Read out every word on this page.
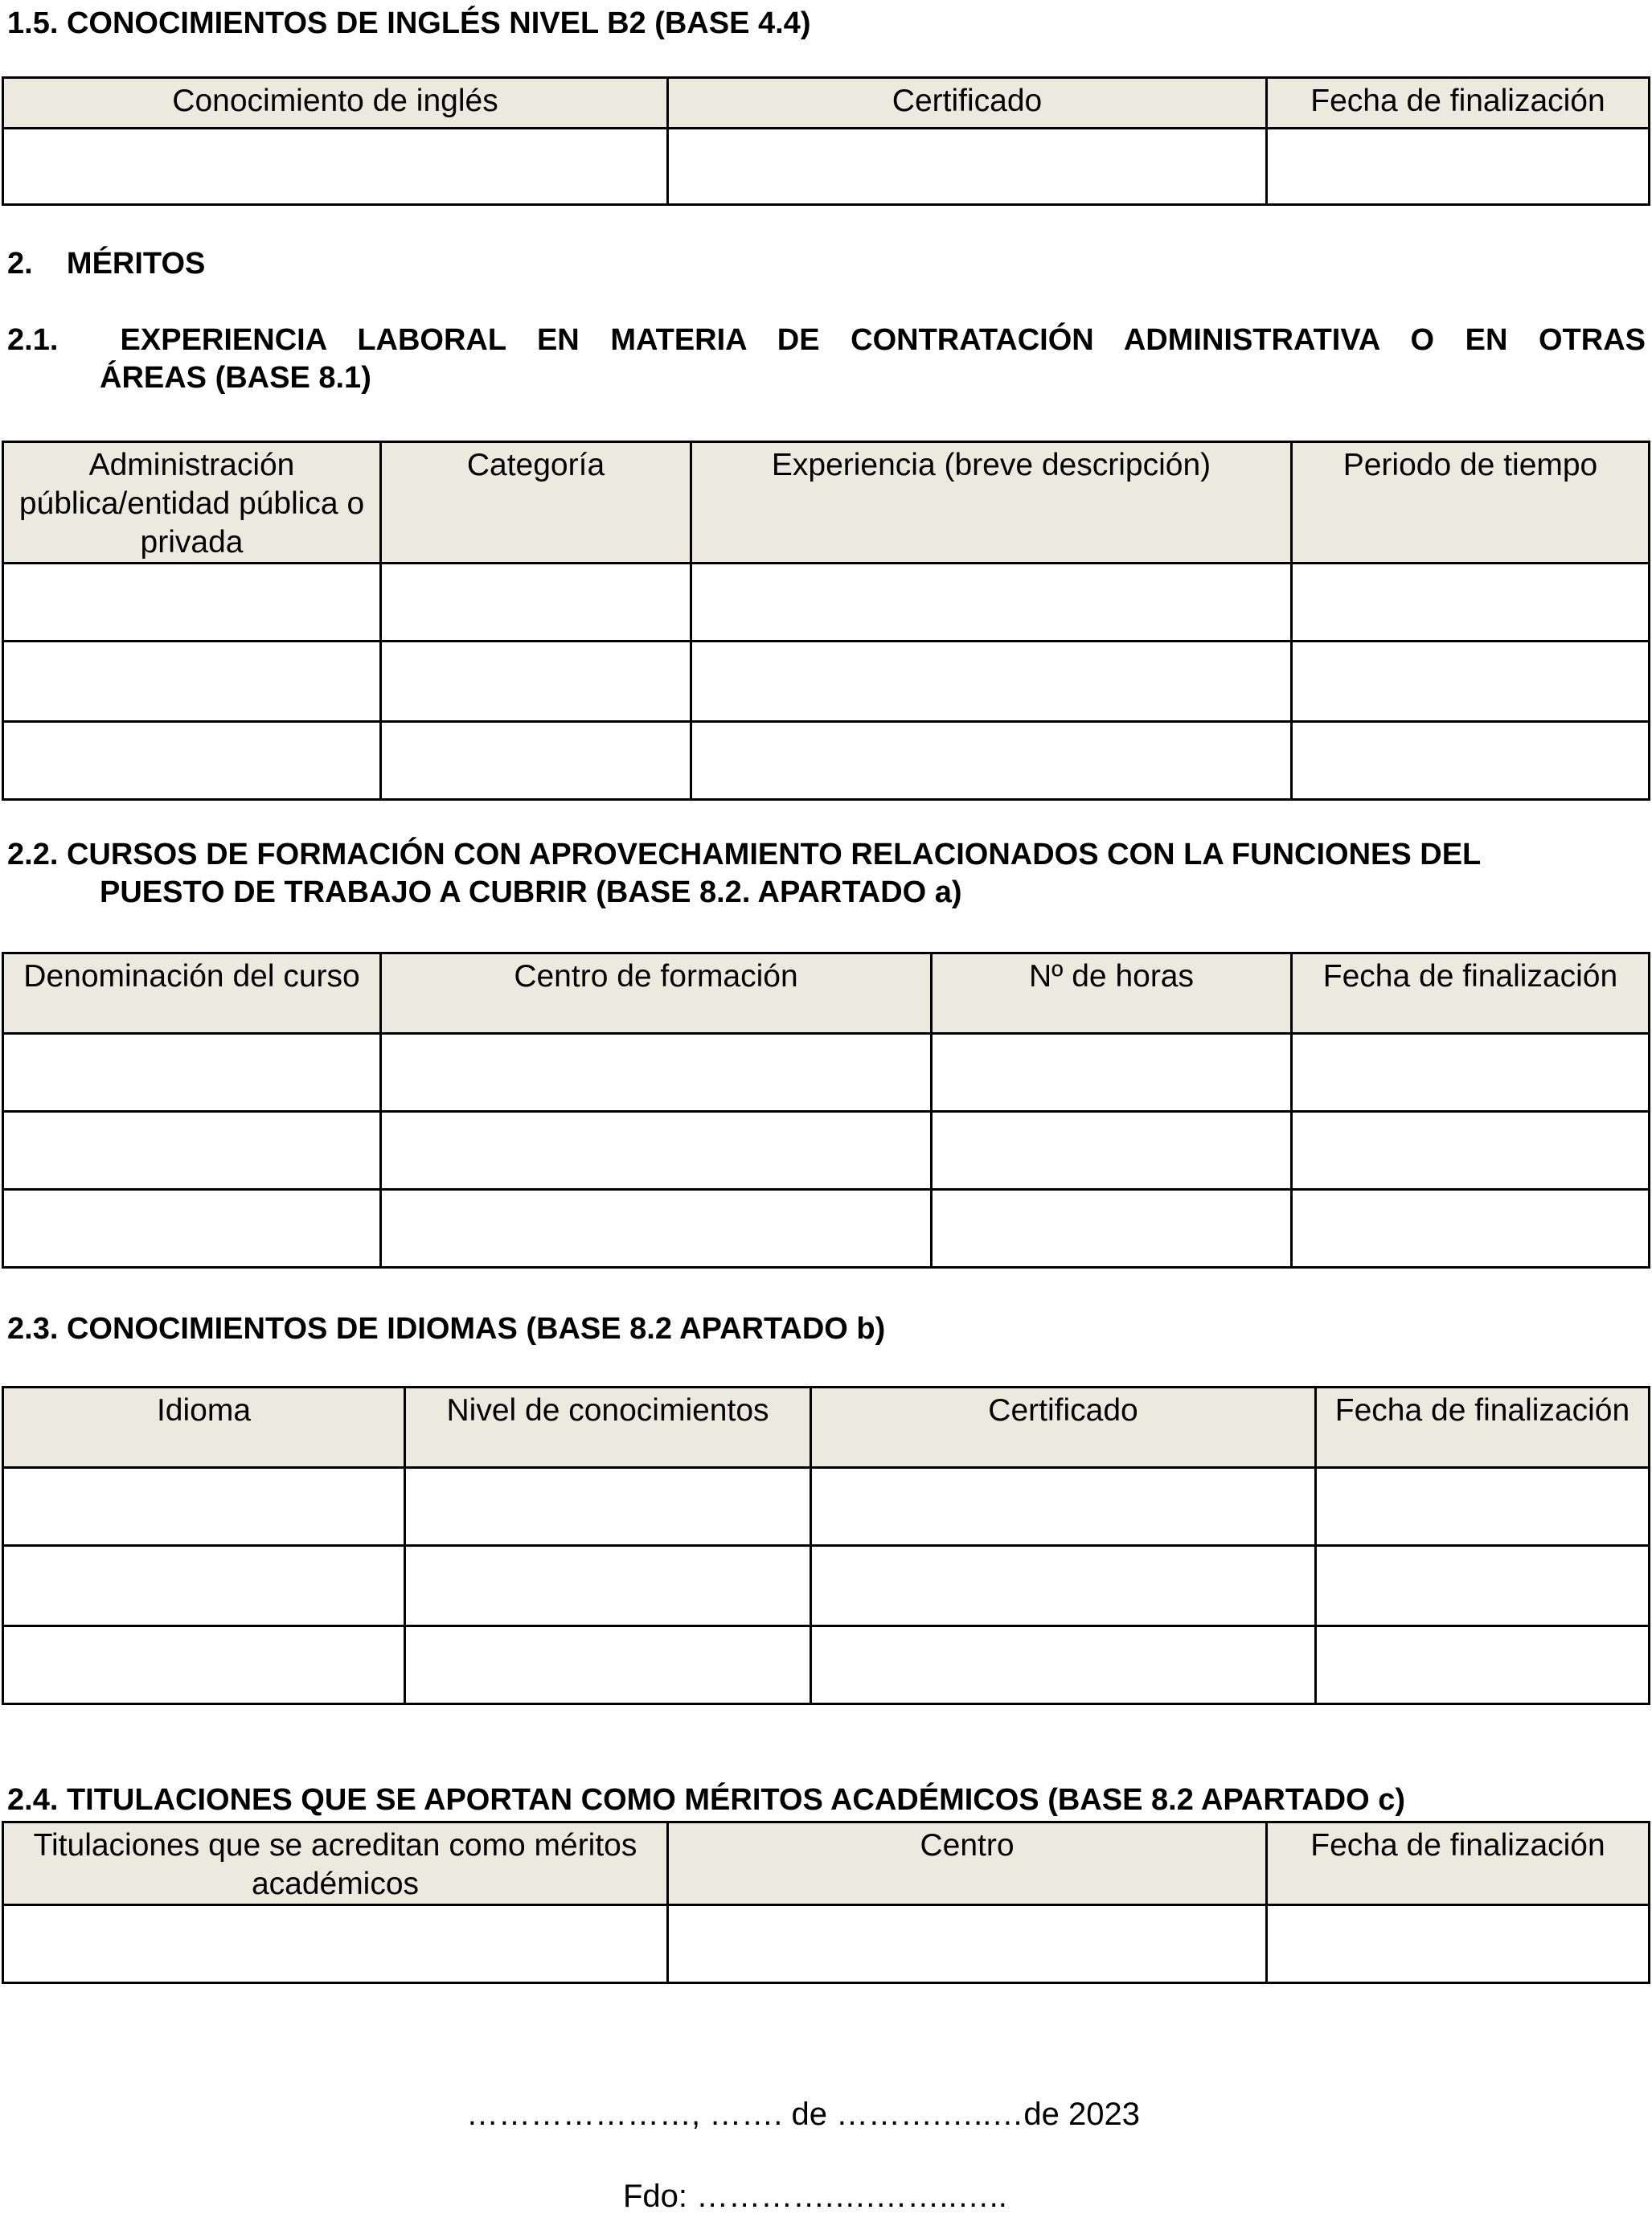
1.5. CONOCIMIENTOS DE INGLÉS NIVEL B2 (BASE 4.4)
Conocimiento de inglés	Certificado	Fecha de finalización

2.    MÉRITOS
2.1.  EXPERIENCIA LABORAL EN MATERIA DE CONTRATACIÓN ADMINISTRATIVA O EN OTRAS
ÁREAS (BASE 8.1)
Administración pública/entidad pública o privada	Categoría	Experiencia (breve descripción)	Periodo de tiempo

2.2. CURSOS DE FORMACIÓN CON APROVECHAMIENTO RELACIONADOS CON LA FUNCIONES DEL
PUESTO DE TRABAJO A CUBRIR (BASE 8.2. APARTADO a)
Denominación del curso	Centro de formación	Nº de horas	Fecha de finalización

2.3. CONOCIMIENTOS DE IDIOMAS (BASE 8.2 APARTADO b)
Idioma	Nivel de conocimientos	Certificado	Fecha de finalización

2.4. TITULACIONES QUE SE APORTAN COMO MÉRITOS ACADÉMICOS (BASE 8.2 APARTADO c)
Titulaciones que se acreditan como méritos académicos	Centro	Fecha de finalización

…………………, ……. de ……….…..…de 2023
Fdo: ………….….……..…..
